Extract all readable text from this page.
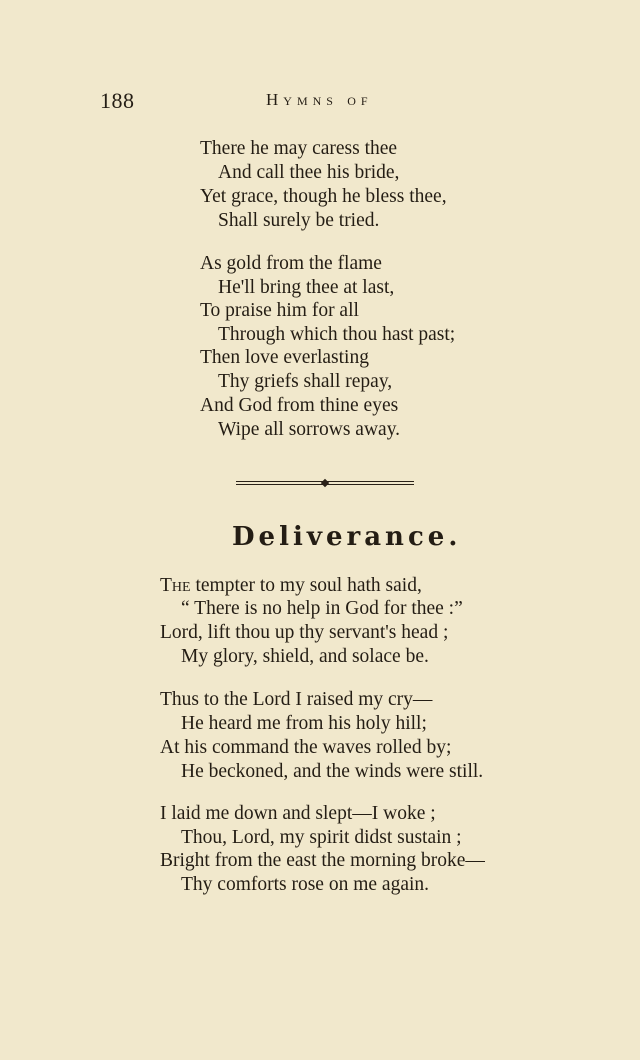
188	Hymns of
There he may caress thee
And call thee his bride,
Yet grace, though he bless thee,
Shall surely be tried.
As gold from the flame
He'll bring thee at last,
To praise him for all
Through which thou hast past;
Then love everlasting
Thy griefs shall repay,
And God from thine eyes
Wipe all sorrows away.
Deliverance.
The tempter to my soul hath said,
“ There is no help in God for thee :”
Lord, lift thou up thy servant's head ;
My glory, shield, and solace be.
Thus to the Lord I raised my cry—
He heard me from his holy hill;
At his command the waves rolled by;
He beckoned, and the winds were still.
I laid me down and slept—I woke ;
Thou, Lord, my spirit didst sustain ;
Bright from the east the morning broke—
Thy comforts rose on me again.
